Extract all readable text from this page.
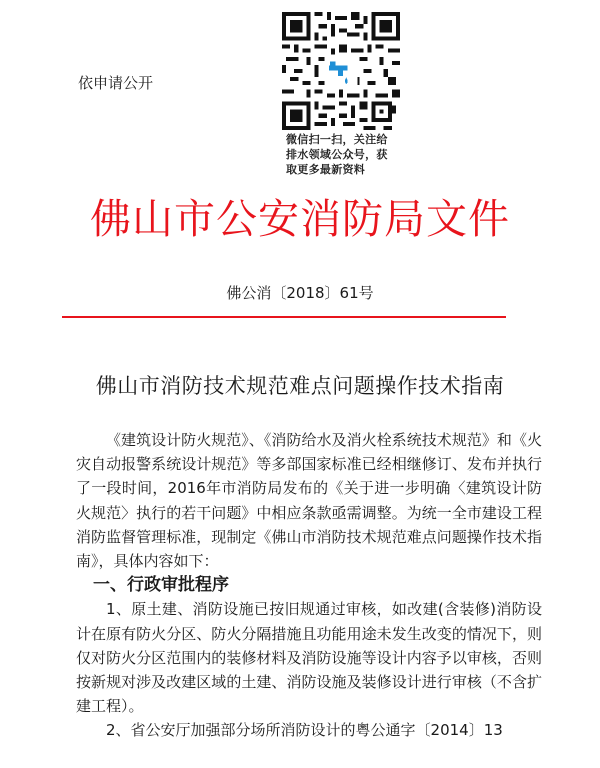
依申请公开
微信扫一扫，关注给
排水领域公众号，获
取更多最新资料
佛山市公安消防局文件
佛公消〔2018〕61号
佛山市消防技术规范难点问题操作技术指南

《建筑设计防火规范》、《消防给水及消火栓系统技术规范》和《火灾自动报警系统设计规范》等多部国家标准已经相继修订、发布并执行了一段时间，2016年市消防局发布的《关于进一步明确〈建筑设计防火规范〉执行的若干问题》中相应条款亟需调整。为统一全市建设工程消防监督管理标准，现制定《佛山市消防技术规范难点问题操作技术指南》，具体内容如下：

一、行政审批程序

1、原土建、消防设施已按旧规通过审核，如改建(含装修)消防设计在原有防火分区、防火分隔措施且功能用途未发生改变的情况下，则仅对防火分区范围内的装修材料及消防设施等设计内容予以审核，否则按新规对涉及改建区域的土建、消防设施及装修设计进行审核（不含扩建工程）。

2、省公安厅加强部分场所消防设计的粤公通字〔2014〕13
